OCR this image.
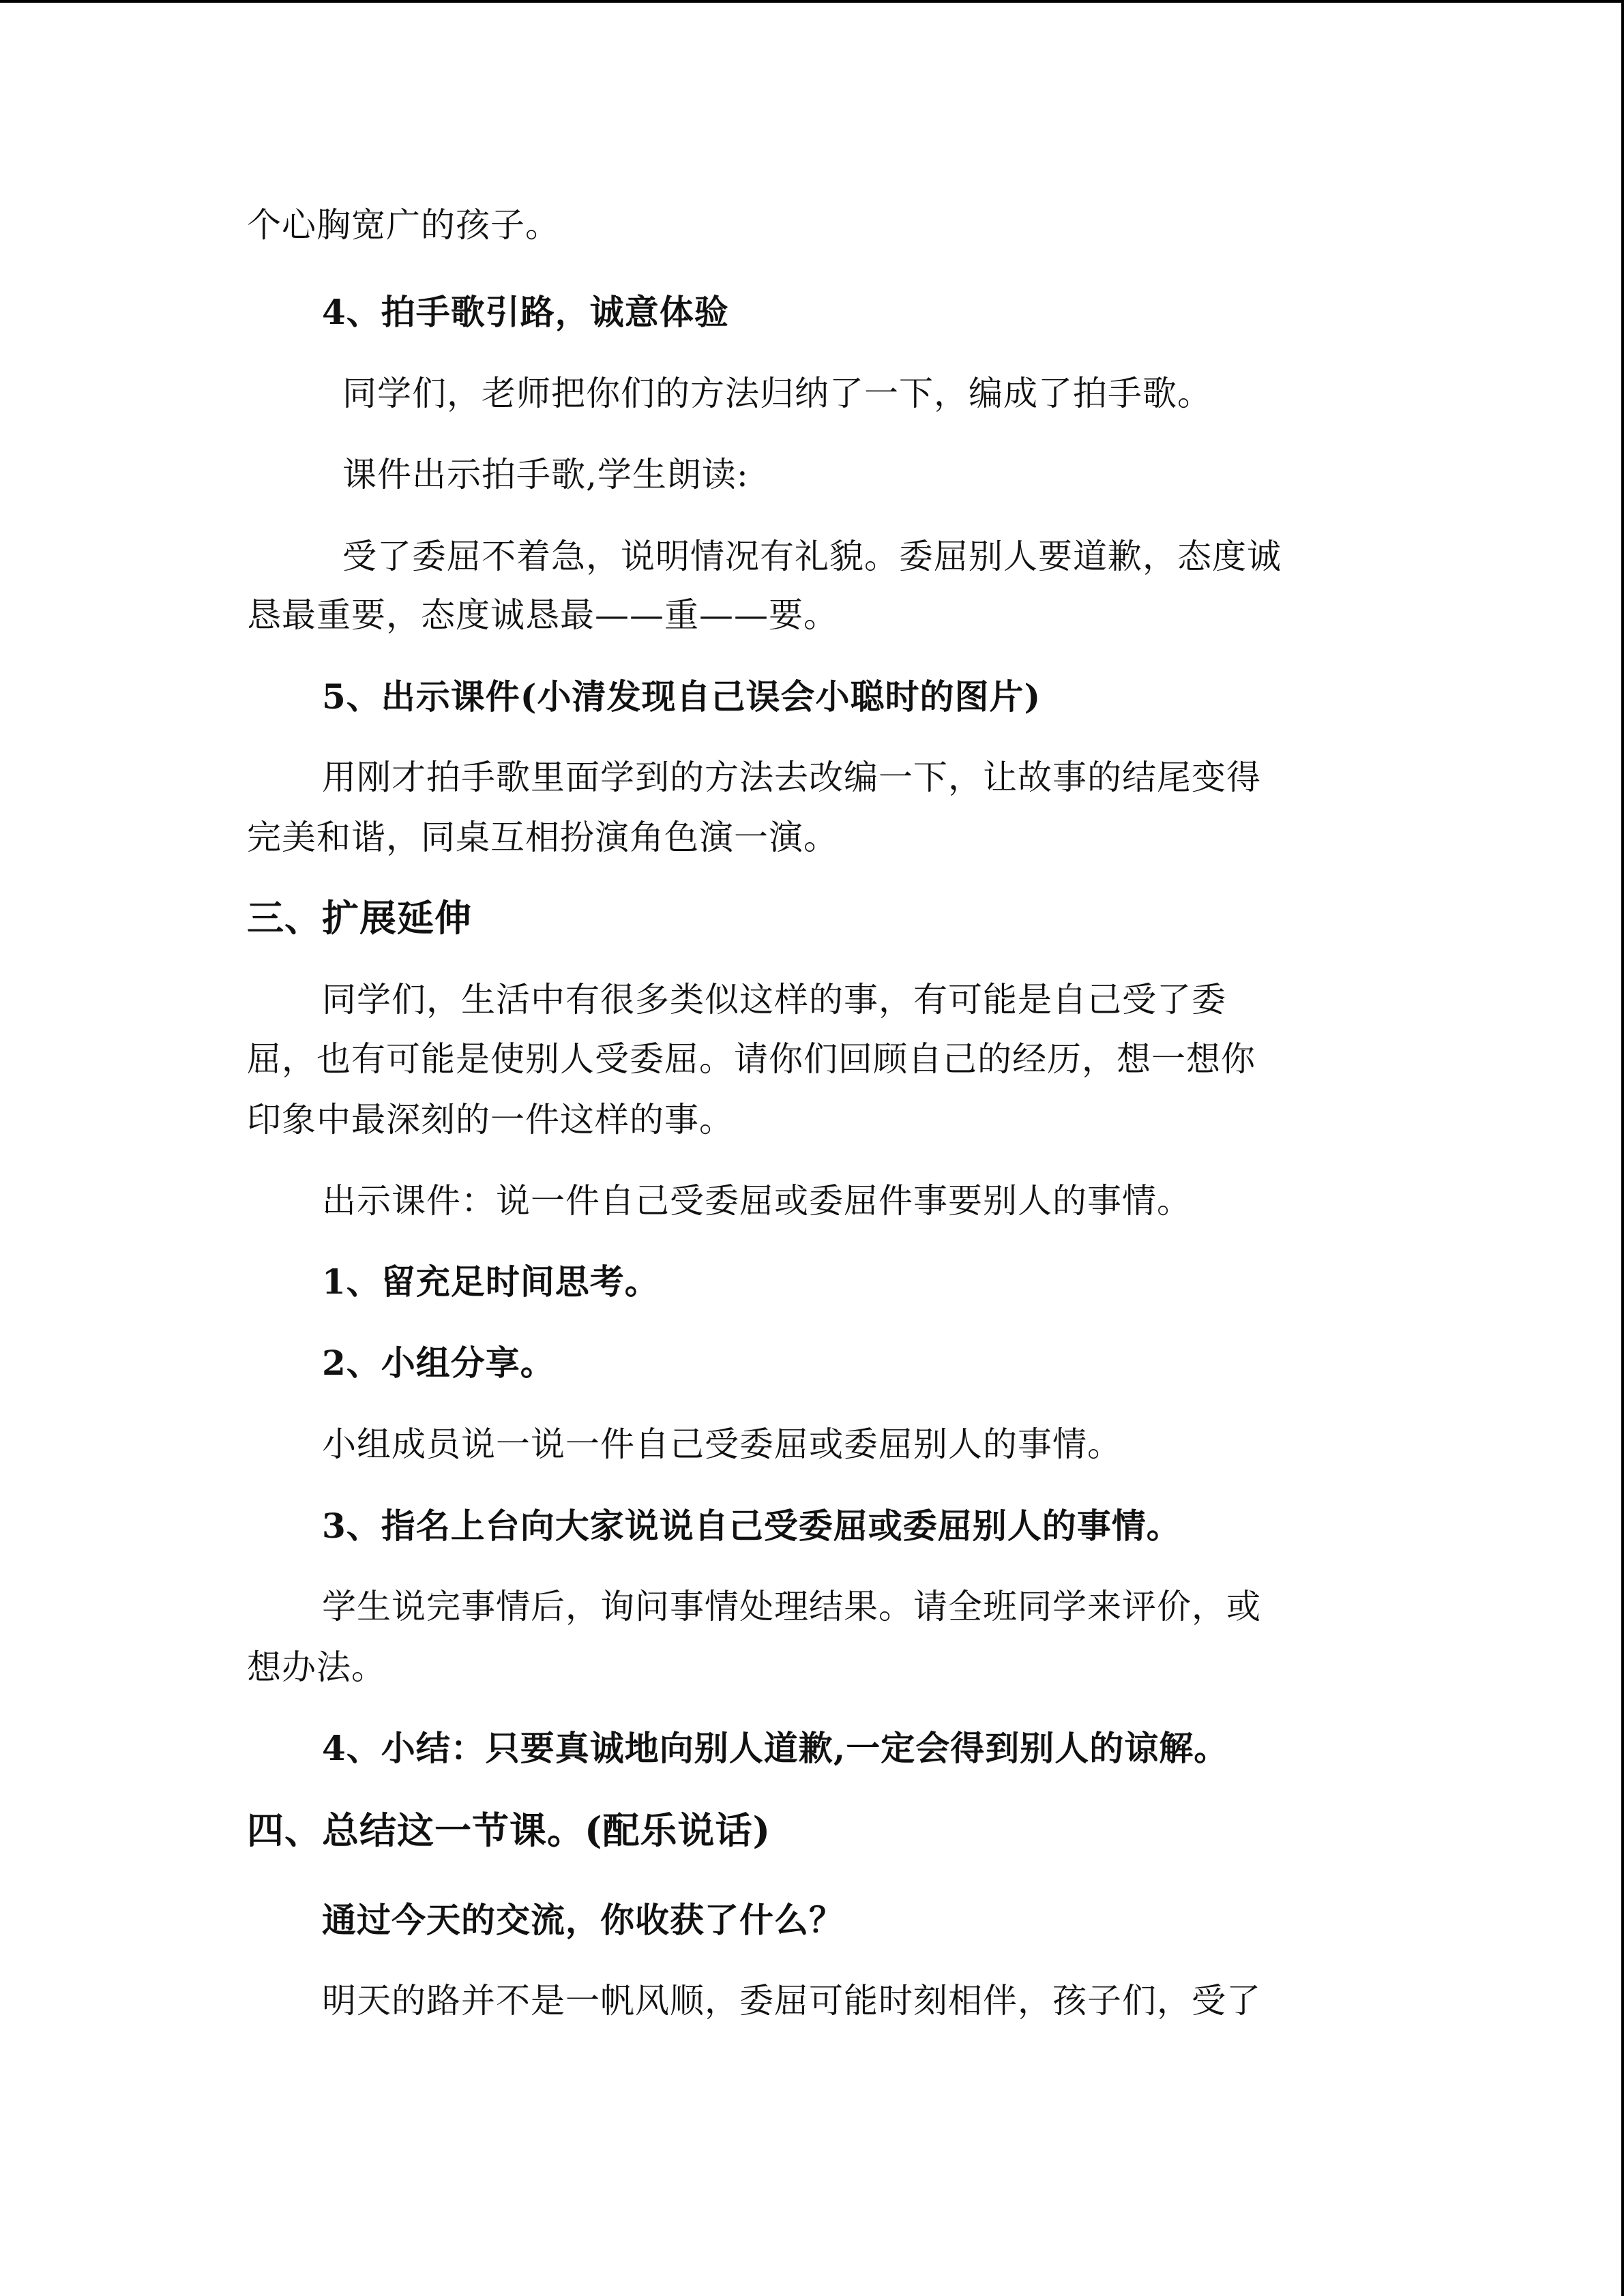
个心胸宽广的孩子。
4、拍手歌引路，诚意体验
同学们，老师把你们的方法归纳了一下，编成了拍手歌。
课件出示拍手歌,学生朗读:
受了委屈不着急，说明情况有礼貌。委屈别人要道歉，态度诚
恳最重要，态度诚恳最——重——要。
5、出示课件(小清发现自己误会小聪时的图片)
用刚才拍手歌里面学到的方法去改编一下，让故事的结尾变得
完美和谐，同桌互相扮演角色演一演。
三、扩展延伸
同学们，生活中有很多类似这样的事，有可能是自己受了委
屈，也有可能是使别人受委屈。请你们回顾自己的经历，想一想你
印象中最深刻的一件这样的事。
出示课件：说一件自己受委屈或委屈件事要别人的事情。
1、留充足时间思考。
2、小组分享。
小组成员说一说一件自己受委屈或委屈别人的事情。
3、指名上台向大家说说自己受委屈或委屈别人的事情。
学生说完事情后，询问事情处理结果。请全班同学来评价，或
想办法。
4、小结：只要真诚地向别人道歉,一定会得到别人的谅解。
四、总结这一节课。(配乐说话)
通过今天的交流，你收获了什么？
明天的路并不是一帆风顺，委屈可能时刻相伴，孩子们，受了
